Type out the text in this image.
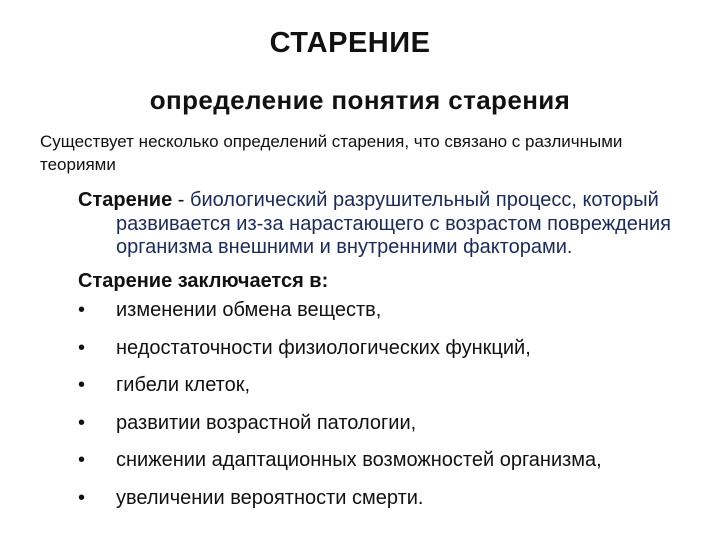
СТАРЕНИЕ
определение понятия старения

Существует несколько определений старения, что связано с различными теориями

Старение - биологический разрушительный процесс, который развивается из-за нарастающего с возрастом повреждения организма внешними и внутренними факторами.

Старение заключается в:

• изменении обмена веществ,
• недостаточности физиологических функций,
• гибели клеток,
• развитии возрастной патологии,
• снижении адаптационных возможностей организма,
• увеличении вероятности смерти.
